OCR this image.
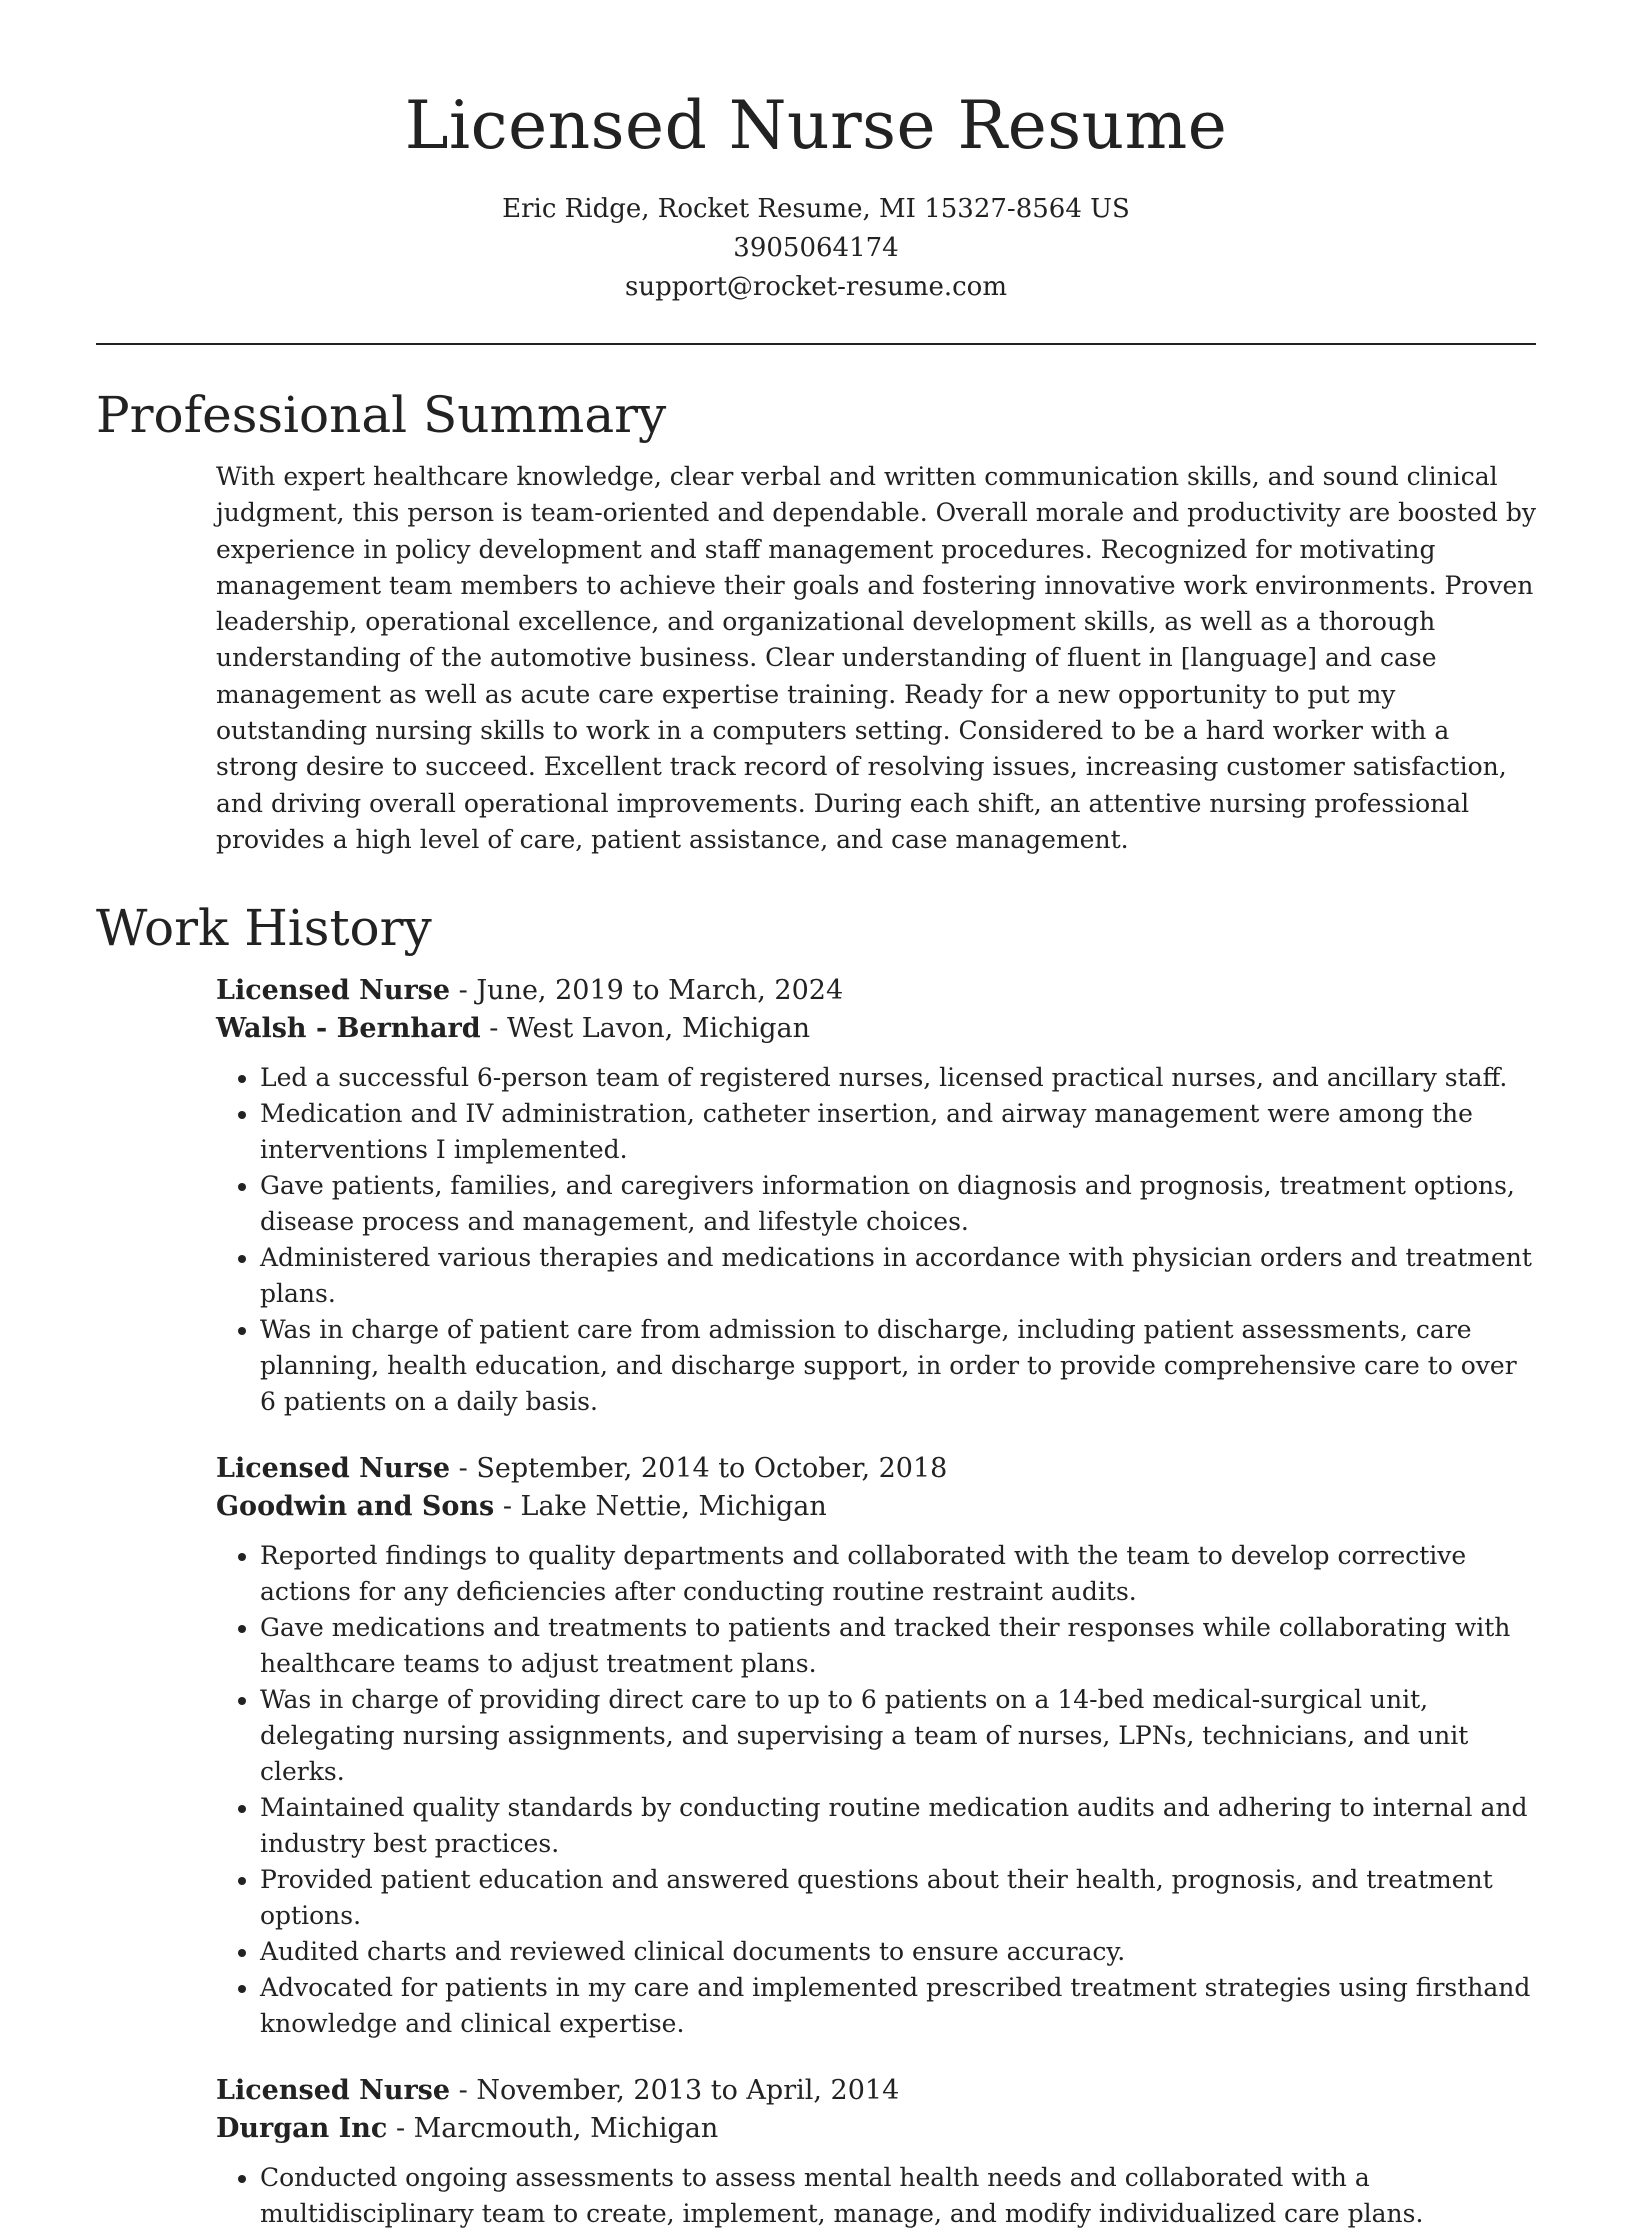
Licensed Nurse Resume
Eric Ridge, Rocket Resume, MI 15327-8564 US
3905064174
support@rocket-resume.com
Professional Summary

With expert healthcare knowledge, clear verbal and written communication skills, and sound clinical judgment, this person is team-oriented and dependable. Overall morale and productivity are boosted by experience in policy development and staff management procedures. Recognized for motivating management team members to achieve their goals and fostering innovative work environments. Proven leadership, operational excellence, and organizational development skills, as well as a thorough understanding of the automotive business. Clear understanding of fluent in [language] and case management as well as acute care expertise training. Ready for a new opportunity to put my outstanding nursing skills to work in a computers setting. Considered to be a hard worker with a strong desire to succeed. Excellent track record of resolving issues, increasing customer satisfaction, and driving overall operational improvements. During each shift, an attentive nursing professional provides a high level of care, patient assistance, and case management.

Work History
Licensed Nurse - June, 2019 to March, 2024
Walsh - Bernhard - West Lavon, Michigan
• Led a successful 6-person team of registered nurses, licensed practical nurses, and ancillary staff.
• Medication and IV administration, catheter insertion, and airway management were among the interventions I implemented.
• Gave patients, families, and caregivers information on diagnosis and prognosis, treatment options, disease process and management, and lifestyle choices.
• Administered various therapies and medications in accordance with physician orders and treatment plans.
• Was in charge of patient care from admission to discharge, including patient assessments, care planning, health education, and discharge support, in order to provide comprehensive care to over 6 patients on a daily basis.
Licensed Nurse - September, 2014 to October, 2018
Goodwin and Sons - Lake Nettie, Michigan
• Reported findings to quality departments and collaborated with the team to develop corrective actions for any deficiencies after conducting routine restraint audits.
• Gave medications and treatments to patients and tracked their responses while collaborating with healthcare teams to adjust treatment plans.
• Was in charge of providing direct care to up to 6 patients on a 14-bed medical-surgical unit, delegating nursing assignments, and supervising a team of nurses, LPNs, technicians, and unit clerks.
• Maintained quality standards by conducting routine medication audits and adhering to internal and industry best practices.
• Provided patient education and answered questions about their health, prognosis, and treatment options.
• Audited charts and reviewed clinical documents to ensure accuracy.
• Advocated for patients in my care and implemented prescribed treatment strategies using firsthand knowledge and clinical expertise.
Licensed Nurse - November, 2013 to April, 2014
Durgan Inc - Marcmouth, Michigan
• Conducted ongoing assessments to assess mental health needs and collaborated with a multidisciplinary team to create, implement, manage, and modify individualized care plans.
